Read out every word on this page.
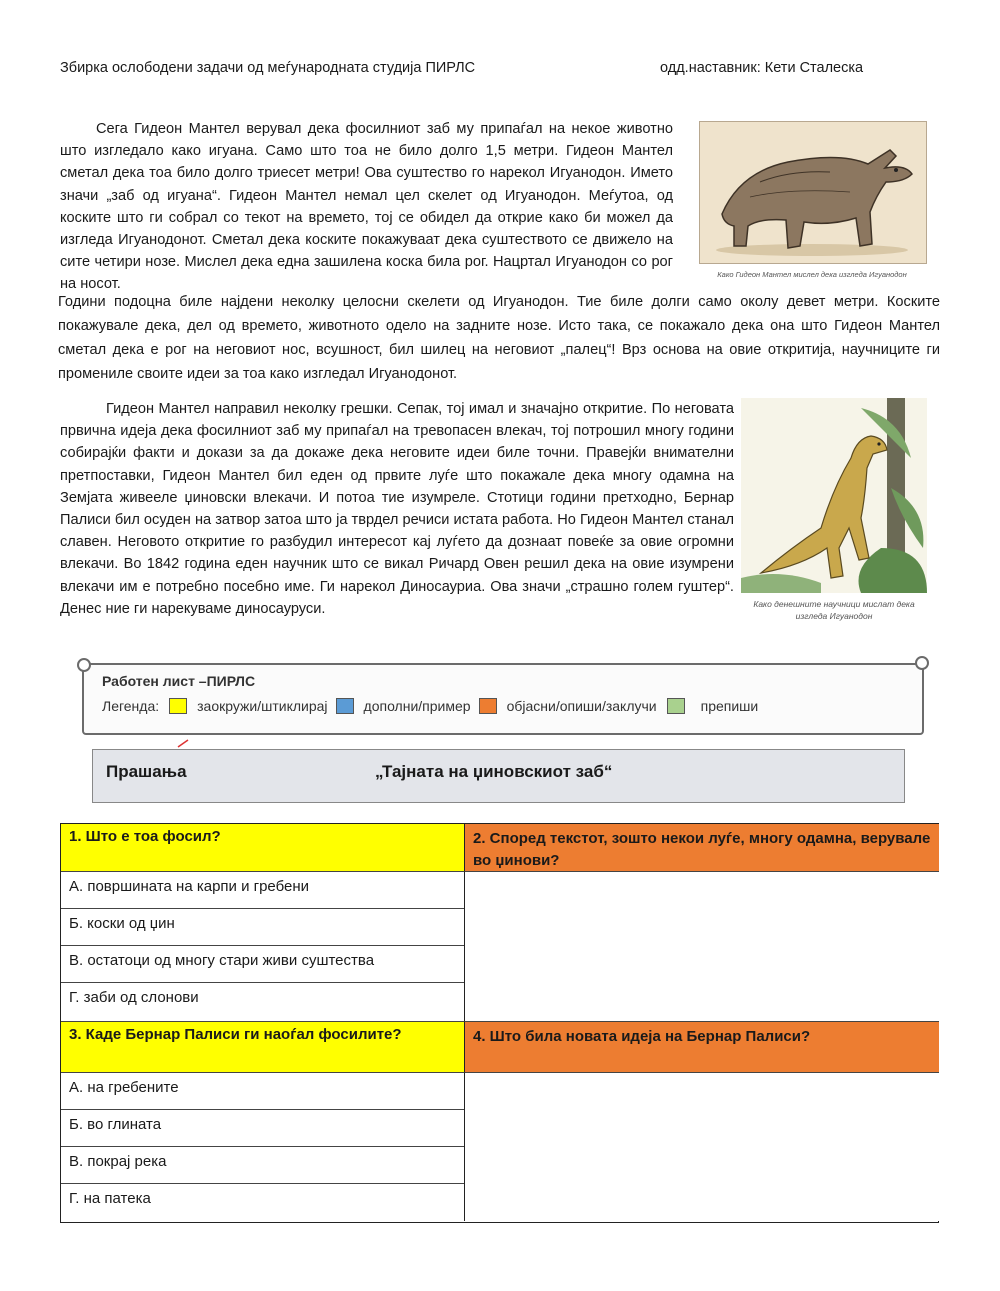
Збирка ослободени задачи од меѓународната студија ПИРЛС	одд.наставник: Кети Сталеска

Сега Гидеон Мантел верувал дека фосилниот заб му припаѓал на некое животно што изгледало како игуана. Само што тоа не било долго 1,5 метри. Гидеон Мантел сметал дека тоа било долго триесет метри! Ова суштество го нарекол Игуанодон. Името значи „заб од игуана“. Гидеон Мантел немал цел скелет од Игуанодон. Меѓутоа, од коските што ги собрал со текот на времето, тој се обидел да открие како би можел да изгледа Игуанодонот. Сметал дека коските покажуваат дека суштеството се движело на сите четири нозе. Мислел дека една зашилена коска била рог. Нацртал Игуанодон со рог на носот.

Како Гидеон Мантел мислел дека изгледа Игуанодон

Години подоцна биле најдени неколку целосни скелети од Игуанодон. Тие биле долги само околу девет метри. Коските покажувале дека, дел од времето, животното одело на задните нозе. Исто така, се покажало дека она што Гидеон Мантел сметал дека е рог на неговиот нос, всушност, бил шилец на неговиот „палец“! Врз основа на овие откритија, научниците ги промениле своите идеи за тоа како изгледал Игуанодонот.

Гидеон Мантел направил неколку грешки. Сепак, тој имал и значајно откритие. По неговата првична идеја дека фосилниот заб му припаѓал на тревопасен влекач, тој потрошил многу години собирајќи факти и докази за да докаже дека неговите идеи биле точни. Правејќи внимателни претпоставки, Гидеон Мантел бил еден од првите луѓе што покажале дека многу одамна на Земјата живееле џиновски влекачи. И потоа тие изумреле. Стотици години претходно, Бернар Палиси бил осуден на затвор затоа што ја тврдел речиси истата работа. Но Гидеон Мантел станал славен. Неговото откритие го разбудил интересот кај луѓето да дознаат повеќе за овие огромни влекачи. Во 1842 година еден научник што се викал Ричард Овен решил дека на овие изумрени влекачи им е потребно посебно име. Ги нарекол Диносауриа. Ова значи „страшно голем гуштер“. Денес ние ги нарекуваме диносауруси.	Како денешните научници мислат дека изгледа Игуанодон
Работен лист –ПИРЛС
Легенда:	заокружи/штиклирај	дополни/пример	објасни/опиши/заклучи	препиши
Прашања	„Тајната на џиновскиот заб“
1. Што е тоа фосил?	2. Според текстот, зошто некои луѓе, многу одамна, верувале во џинови?
А. површината на карпи и гребени
Б. коски од џин
В. остатоци од многу стари живи суштества
Г. заби од слонови
3. Каде Бернар Палиси ги наоѓал фосилите?	4. Што била новата идеја на Бернар Палиси?
А. на гребените
Б. во глината
В. покрај река
Г. на патека
